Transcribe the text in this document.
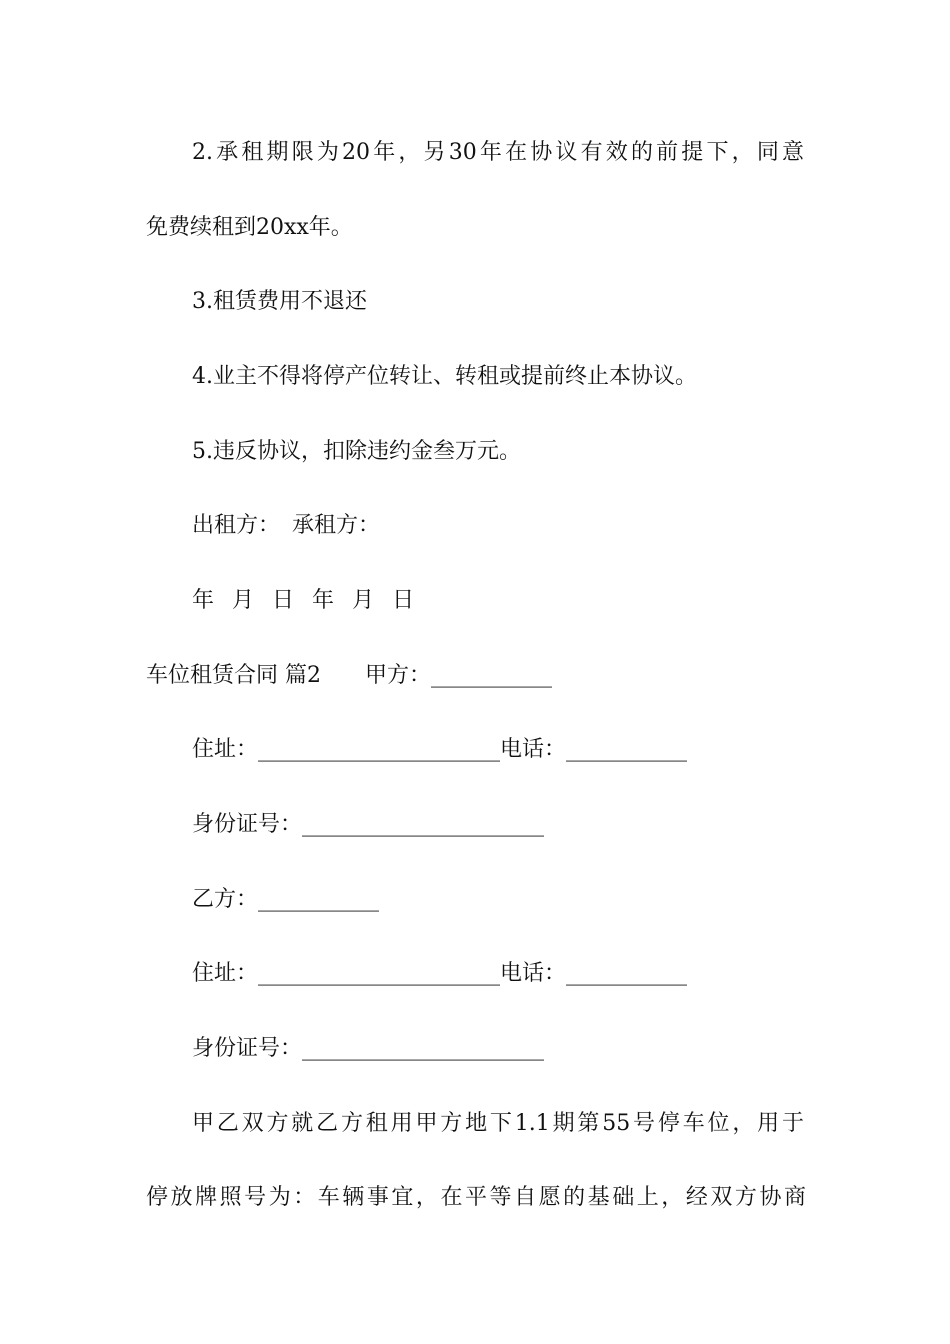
2.承租期限为20年，另30年在协议有效的前提下，同意
免费续租到20xx年。
3.租赁费用不退还
4.业主不得将停产位转让、转租或提前终止本协议。
5.违反协议，扣除违约金叁万元。
出租方： 承租方：
年 月 日 年 月 日
车位租赁合同 篇2 甲方：___________
住址：______________________电话：___________
身份证号：______________________
乙方：___________
住址：______________________电话：___________
身份证号：______________________
甲乙双方就乙方租用甲方地下1.1期第55号停车位，用于
停放牌照号为：车辆事宜，在平等自愿的基础上，经双方协商
